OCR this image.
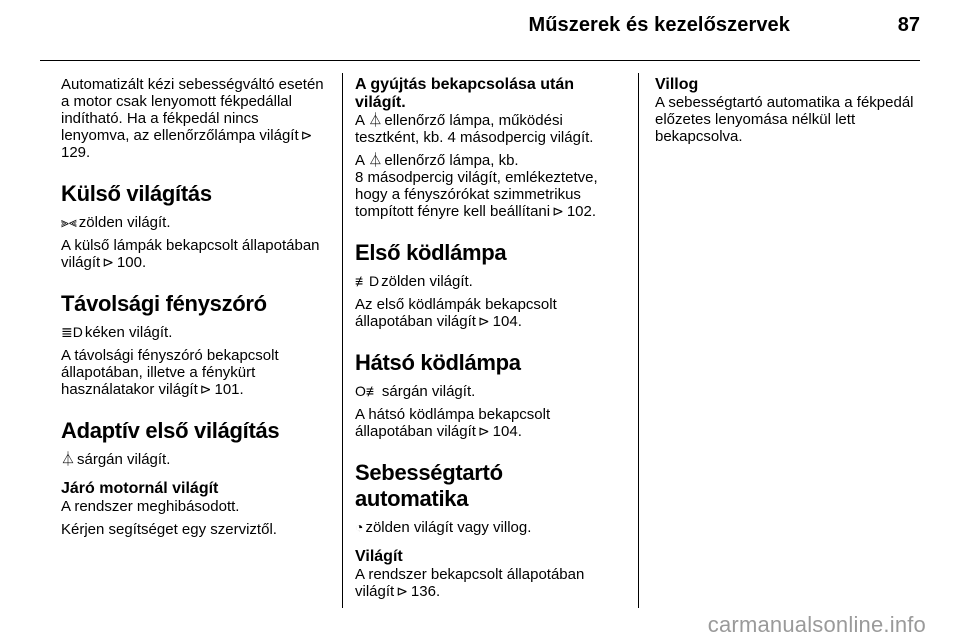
Műszerek és kezelőszervek	87

Automatizált kézi sebességváltó esetén a motor csak lenyomott fékpedállal indítható. Ha a fékpedál nincs lenyomva, az ellenőrzőlámpa világít ⊳129.

Külső világítás

⫸⫷ zölden világít.

A külső lámpák bekapcsolt állapotában világít ⊳ 100.

Távolsági fényszóró

≣D kéken világít.

A távolsági fényszóró bekapcsolt állapotában, illetve a fénykürt használatakor világít ⊳ 101.

Adaptív első világítás

⏃ sárgán világít.

Járó motornál világít

A rendszer meghibásodott.

Kérjen segítséget egy szerviztől.

A gyújtás bekapcsolása után világít.

A ⏃ ellenőrző lámpa, működési tesztként, kb. 4 másodpercig világít.

A ⏃ ellenőrző lámpa, kb.
8 másodpercig világít, emlékeztetve, hogy a fényszórókat szimmetrikus tompított fényre kell beállítani ⊳ 102.

Első ködlámpa

≢D zölden világít.

Az első ködlámpák bekapcsolt állapotában világít ⊳ 104.

Hátsó ködlámpa

O≢ sárgán világít.

A hátsó ködlámpa bekapcsolt állapotában világít ⊳ 104.

Sebességtartó automatika

◔ zölden világít vagy villog.

Világít

A rendszer bekapcsolt állapotában világít ⊳ 136.

Villog

A sebességtartó automatika a fékpedál előzetes lenyomása nélkül lett bekapcsolva.

carmanualsonline.info
